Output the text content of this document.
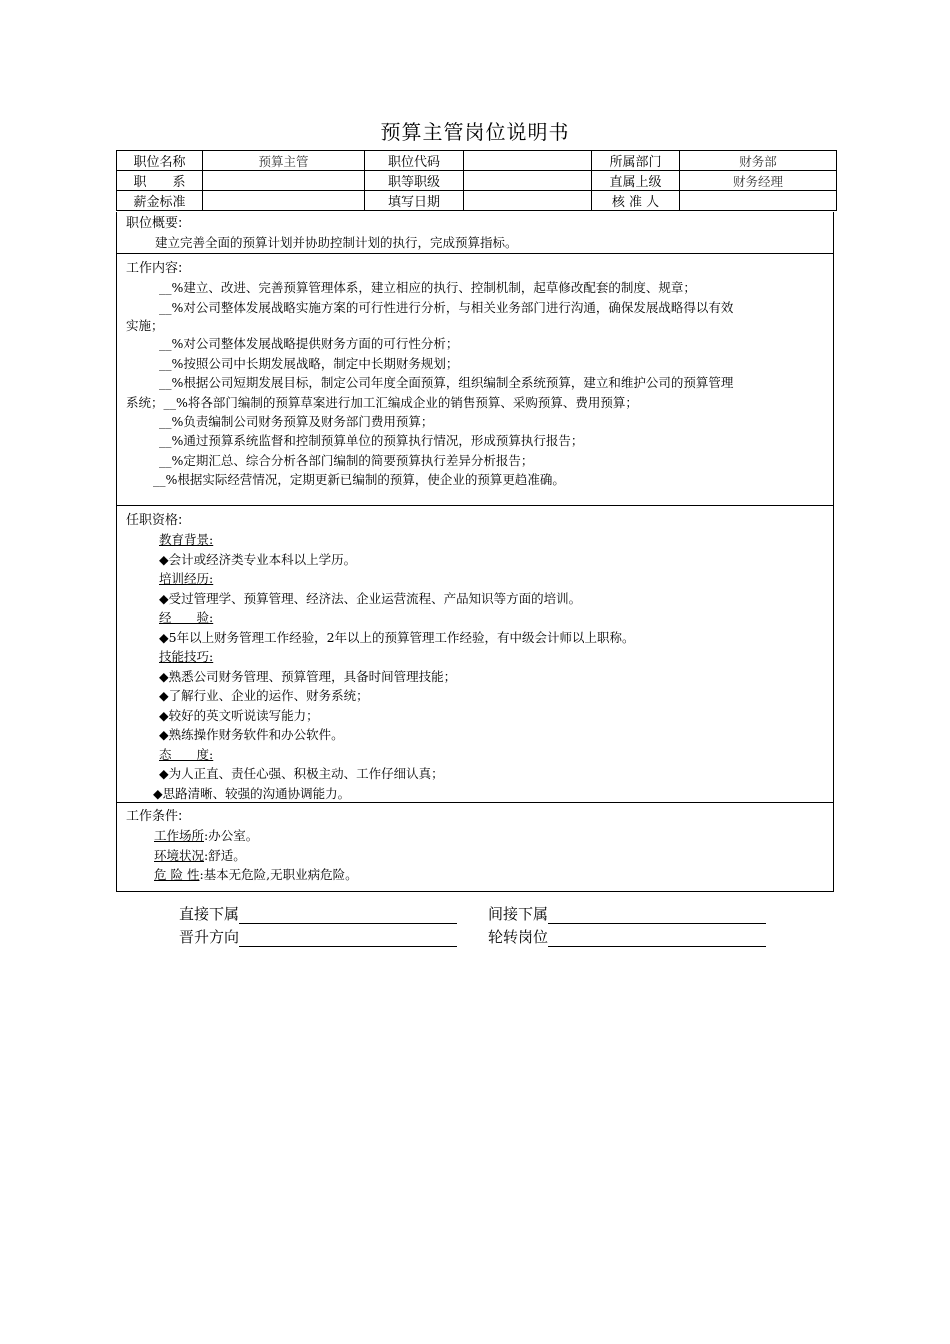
预算主管岗位说明书
职位名称	预算主管	职位代码		所属部门	财务部
职　　系		职等职级		直属上级	财务经理
薪金标准		填写日期		核 准 人	
职位概要:
建立完善全面的预算计划并协助控制计划的执行，完成预算指标。
工作内容:
__%建立、改进、完善预算管理体系，建立相应的执行、控制机制，起草修改配套的制度、规章；
__%对公司整体发展战略实施方案的可行性进行分析，与相关业务部门进行沟通，确保发展战略得以有效
实施；
__%对公司整体发展战略提供财务方面的可行性分析；
__%按照公司中长期发展战略，制定中长期财务规划；
__%根据公司短期发展目标，制定公司年度全面预算，组织编制全系统预算，建立和维护公司的预算管理
系统；__%将各部门编制的预算草案进行加工汇编成企业的销售预算、采购预算、费用预算；
__%负责编制公司财务预算及财务部门费用预算；
__%通过预算系统监督和控制预算单位的预算执行情况，形成预算执行报告；
__%定期汇总、综合分析各部门编制的简要预算执行差异分析报告；
__%根据实际经营情况，定期更新已编制的预算，使企业的预算更趋准确。
任职资格:
教育背景:
◆会计或经济类专业本科以上学历。
培训经历:
◆受过管理学、预算管理、经济法、企业运营流程、产品知识等方面的培训。
经　　验:
◆5年以上财务管理工作经验，2年以上的预算管理工作经验，有中级会计师以上职称。
技能技巧:
◆熟悉公司财务管理、预算管理，具备时间管理技能；
◆了解行业、企业的运作、财务系统；
◆较好的英文听说读写能力；
◆熟练操作财务软件和办公软件。
态　　度:
◆为人正直、责任心强、积极主动、工作仔细认真；
◆思路清晰、较强的沟通协调能力。
工作条件:
工作场所:办公室。
环境状况:舒适。
危 险 性:基本无危险,无职业病危险。
直接下属	间接下属
晋升方向	轮转岗位
